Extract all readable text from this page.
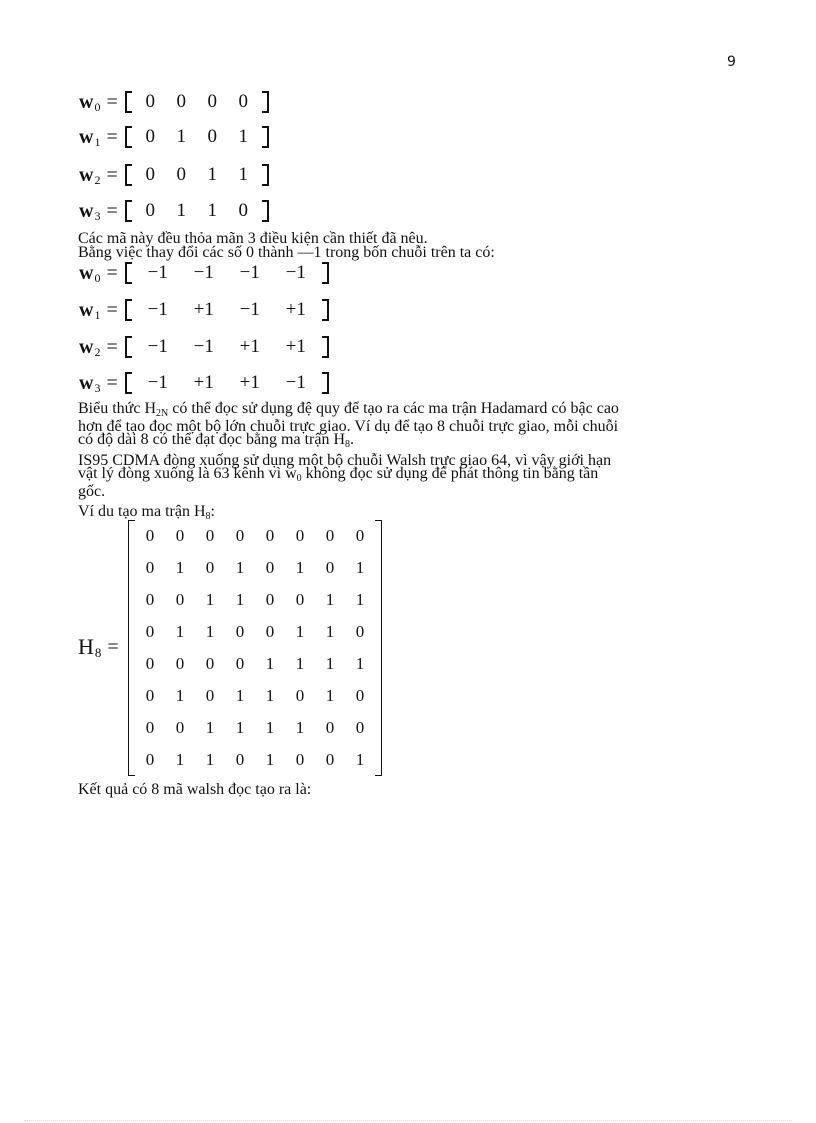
9
w 0 =	0	0	0	0
w 1 =	0	1	0	1
w 2 =	0	0	1	1
w 3 =	0	1	1	0
Các mã này đều thỏa mãn 3 điều kiện cần thiết đã nêu.
Bằng việc thay đổi các số 0 thành —1 trong bốn chuỗi trên ta có:
w 0 =	−1	−1	−1	−1
w 1 =	−1	+1	−1	+1
w 2 =	−1	−1	+1	+1
w 3 =	−1	+1	+1	−1
Biểu thức H2N có thể đọc sử dụng đệ quy để tạo ra các ma trận Hadamard có bậc cao
hơn để tạo đọc một bộ lớn chuỗi trực giao. Ví dụ để tạo 8 chuỗi trực giao, mỗi chuỗi
có độ dài 8 có thể đạt đọc bằng ma trận H8.
IS95 CDMA đòng xuống sử dụng một bộ chuỗi Walsh trực giao 64, vì vậy giới hạn
vật lý đòng xuống là 63 kênh vì w0 không đọc sử dụng để phát thông tin bằng tần
gốc.
Ví du tạo ma trận H8:
H 8 =
0 0 0 0 0 0 0 0
0 1 0 1 0 1 0 1
0 0 1 1 0 0 1 1
0 1 1 0 0 1 1 0
0 0 0 0 1 1 1 1
0 1 0 1 1 0 1 0
0 0 1 1 1 1 0 0
0 1 1 0 1 0 0 1
Kết quả có 8 mã walsh đọc tạo ra là:
